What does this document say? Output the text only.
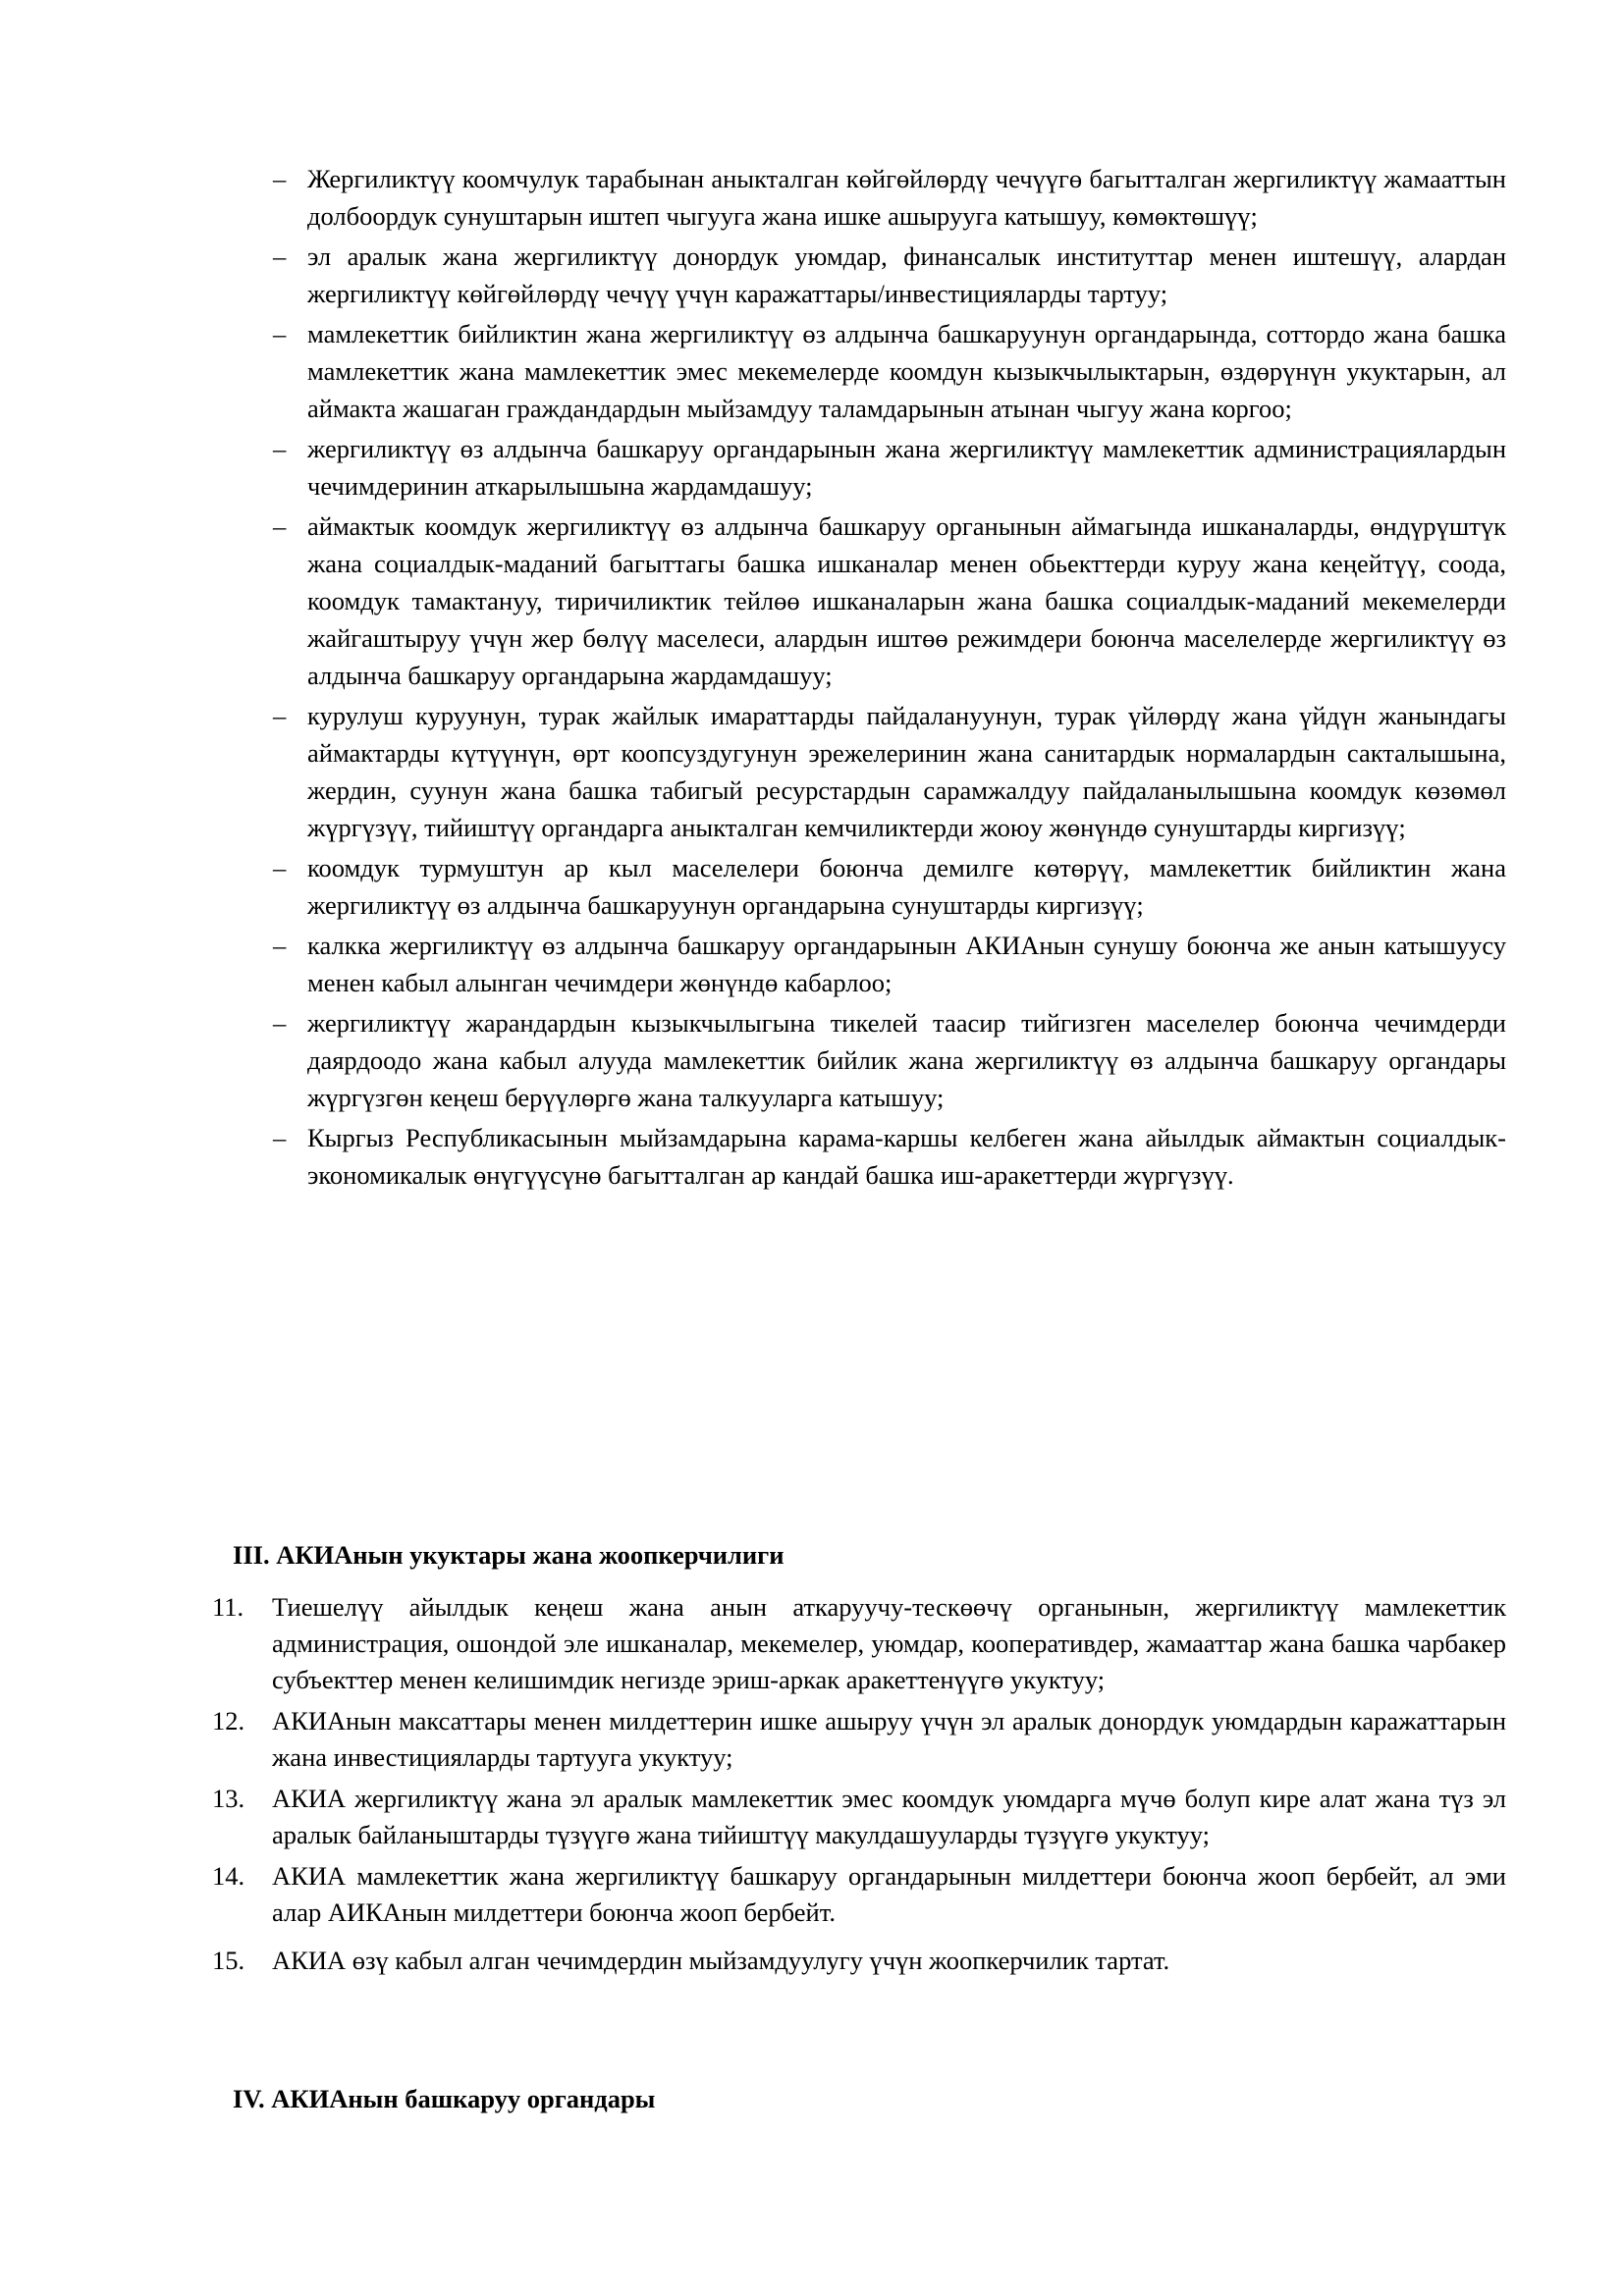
– Жергиликтүү коомчулук тарабынан аныкталган көйгөйлөрдү чечүүгө багытталган жергиликтүү жамааттын долбоордук сунуштарын иштеп чыгууга жана ишке ашырууга катышуу, көмөктөшүү;
– эл аралык жана жергиликтүү донордук уюмдар, финансалык институттар менен иштешүү, алардан жергиликтүү көйгөйлөрдү чечүү үчүн каражаттары/инвестицияларды тартуу;
– мамлекеттик бийликтин жана жергиликтүү өз алдынча башкаруунун органдарында, соттордо жана башка мамлекеттик жана мамлекеттик эмес мекемелерде коомдун кызыкчылыктарын, өздөрүнүн укуктарын, ал аймакта жашаган граждандардын мыйзамдуу таламдарынын атынан чыгуу жана коргоо;
– жергиликтүү өз алдынча башкаруу органдарынын жана жергиликтүү мамлекеттик администрациялардын чечимдеринин аткарылышына жардамдашуу;
– аймактык коомдук жергиликтүү өз алдынча башкаруу органынын аймагында ишканаларды, өндүрүштүк жана социалдык-маданий багыттагы башка ишканалар менен обьекттерди куруу жана кеңейтүү, соода, коомдук тамактануу, тиричиликтик тейлөө ишканаларын жана башка социалдык-маданий мекемелерди жайгаштыруу үчүн жер бөлүү маселеси, алардын иштөө режимдери боюнча маселелерде жергиликтүү өз алдынча башкаруу органдарына жардамдашуу;
– курулуш куруунун, турак жайлык имараттарды пайдалануунун, турак үйлөрдү жана үйдүн жанындагы аймактарды күтүүнүн, өрт коопсуздугунун эрежелеринин жана санитардык нормалардын сакталышына, жердин, суунун жана башка табигый ресурстардын сарамжалдуу пайдаланылышына коомдук көзөмөл жүргүзүү, тийиштүү органдарга аныкталган кемчиликтерди жоюу жөнүндө сунуштарды киргизүү;
– коомдук турмуштун ар кыл маселелери боюнча демилге көтөрүү, мамлекеттик бийликтин жана жергиликтүү өз алдынча башкаруунун органдарына сунуштарды киргизүү;
– калкка жергиликтүү өз алдынча башкаруу органдарынын АКИАнын сунушу боюнча же анын катышуусу менен кабыл алынган чечимдери жөнүндө кабарлоо;
– жергиликтүү жарандардын кызыкчылыгына тикелей таасир тийгизген маселелер боюнча чечимдерди даярдоодо жана кабыл алууда мамлекеттик бийлик жана жергиликтүү өз алдынча башкаруу органдары жүргүзгөн кеңеш берүүлөргө жана талкууларга катышуу;
– Кыргыз Республикасынын мыйзамдарына карама-каршы келбеген жана айылдык аймактын социалдык-экономикалык өнүгүүсүнө багытталган ар кандай башка иш-аракеттерди жүргүзүү.
III. АКИАнын укуктары жана жоопкерчилиги
11. Тиешелүү айылдык кеңеш жана анын аткаруучу-тескөөчү органынын, жергиликтүү мамлекеттик администрация, ошондой эле ишканалар, мекемелер, уюмдар, кооперативдер, жамааттар жана башка чарбакер субъекттер менен келишимдик негизде эриш-аркак аракеттенүүгө укуктуу;
12. АКИАнын максаттары менен милдеттерин ишке ашыруу үчүн эл аралык донордук уюмдардын каражаттарын жана инвестицияларды тартууга укуктуу;
13. АКИА жергиликтүү жана эл аралык мамлекеттик эмес коомдук уюмдарга мүчө болуп кире алат жана түз эл аралык байланыштарды түзүүгө жана тийиштүү макулдашууларды түзүүгө укуктуу;
14. АКИА мамлекеттик жана жергиликтүү башкаруу органдарынын милдеттери боюнча жооп бербейт, ал эми алар АИКАнын милдеттери боюнча жооп бербейт.
15. АКИА өзү кабыл алган чечимдердин мыйзамдуулугу үчүн жоопкерчилик тартат.
IV. АКИАнын башкаруу органдары
